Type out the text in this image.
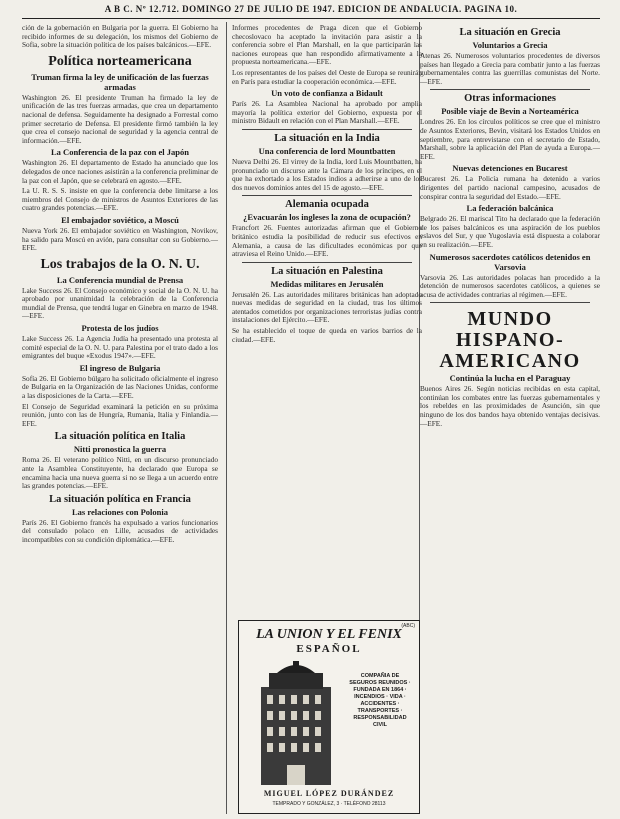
A B C. Nº 12.712. DOMINGO 27 DE JULIO DE 1947. EDICION DE ANDALUCIA. PAGINA 10.

ción de la gobernación en Bulgaria por la guerra. El Gobierno ha recibido informes de su delegación, los mismos del Gobierno de Sofia, sobre la situación política de los países balcánicos.—EFE.

Política norteamericana
Truman firma la ley de unificación de las fuerzas armadas

Washington 26. El presidente Truman ha firmado la ley de unificación de las tres fuerzas armadas, que crea un departamento nacional de defensa. Seguidamente ha designado a Forrestal como primer secretario de Defensa. El presidente firmó también la ley que crea el consejo nacional de seguridad y la agencia central de información.—EFE.

La Conferencia de la paz con el Japón

Washington 26. El departamento de Estado ha anunciado que los delegados de once naciones asistirán a la conferencia preliminar de la paz con el Japón, que se celebrará en agosto.—EFE.

La U. R. S. S. insiste en que la conferencia debe limitarse a los miembros del Consejo de ministros de Asuntos Exteriores de las cuatro grandes potencias.—EFE.

El embajador soviético, a Moscú

Nueva York 26. El embajador soviético en Washington, Novikov, ha salido para Moscú en avión, para consultar con su Gobierno.—EFE.

Los trabajos de la O. N. U.
La Conferencia mundial de Prensa

Lake Success 26. El Consejo económico y social de la O. N. U. ha aprobado por unanimidad la celebración de la Conferencia mundial de Prensa, que tendrá lugar en Ginebra en marzo de 1948.—EFE.

Protesta de los judíos

Lake Success 26. La Agencia Judía ha presentado una protesta al comité especial de la O. N. U. para Palestina por el trato dado a los emigrantes del buque «Exodus 1947».—EFE.

El ingreso de Bulgaria

Sofía 26. El Gobierno búlgaro ha solicitado oficialmente el ingreso de Bulgaria en la Organización de las Naciones Unidas, conforme a las disposiciones de la Carta.—EFE.

El Consejo de Seguridad examinará la petición en su próxima reunión, junto con las de Hungría, Rumanía, Italia y Finlandia.—EFE.

La situación política en Italia
Nitti pronostica la guerra

Roma 26. El veterano político Nitti, en un discurso pronunciado ante la Asamblea Constituyente, ha declarado que Europa se encamina hacia una nueva guerra si no se llega a un acuerdo entre las grandes potencias.—EFE.

La situación política en Francia
Las relaciones con Polonia

París 26. El Gobierno francés ha expulsado a varios funcionarios del consulado polaco en Lille, acusados de actividades incompatibles con su condición diplomática.—EFE.

Informes procedentes de Praga dicen que el Gobierno checoslovaco ha aceptado la invitación para asistir a la conferencia sobre el Plan Marshall, en la que participarán las naciones europeas que han respondido afirmativamente a la propuesta norteamericana.—EFE.

Los representantes de los países del Oeste de Europa se reunirán en París para estudiar la cooperación económica.—EFE.

Un voto de confianza a Bidault

París 26. La Asamblea Nacional ha aprobado por amplia mayoría la política exterior del Gobierno, expuesta por el ministro Bidault en relación con el Plan Marshall.—EFE.

La situación en la India
Una conferencia de lord Mountbatten

Nueva Delhi 26. El virrey de la India, lord Luis Mountbatten, ha pronunciado un discurso ante la Cámara de los príncipes, en el que ha exhortado a los Estados indios a adherirse a uno de los dos nuevos dominios antes del 15 de agosto.—EFE.

Alemania ocupada
¿Evacuarán los ingleses la zona de ocupación?

Francfort 26. Fuentes autorizadas afirman que el Gobierno británico estudia la posibilidad de reducir sus efectivos en Alemania, a causa de las dificultades económicas por que atraviesa el Reino Unido.—EFE.

La situación en Palestina
Medidas militares en Jerusalén

Jerusalén 26. Las autoridades militares británicas han adoptado nuevas medidas de seguridad en la ciudad, tras los últimos atentados cometidos por organizaciones terroristas judías contra instalaciones del Ejército.—EFE.

Se ha establecido el toque de queda en varios barrios de la ciudad.—EFE.

(ABC)
LA UNION Y EL FENIX
ESPAÑOL
COMPAÑIA DE SEGUROS REUNIDOS · FUNDADA EN 1864 · INCENDIOS · VIDA · ACCIDENTES · TRANSPORTES · RESPONSABILIDAD CIVIL
MIGUEL LÓPEZ DURÁNDEZ
TEMPRADO Y GONZÁLEZ, 3 · TELÉFONO 28113
La situación en Grecia
Voluntarios a Grecia

Atenas 26. Numerosos voluntarios procedentes de diversos países han llegado a Grecia para combatir junto a las fuerzas gubernamentales contra las guerrillas comunistas del Norte.—EFE.

Otras informaciones
Posible viaje de Bevin a Norteamérica

Londres 26. En los círculos políticos se cree que el ministro de Asuntos Exteriores, Bevin, visitará los Estados Unidos en septiembre, para entrevistarse con el secretario de Estado, Marshall, sobre la aplicación del Plan de ayuda a Europa.—EFE.

Nuevas detenciones en Bucarest

Bucarest 26. La Policía rumana ha detenido a varios dirigentes del partido nacional campesino, acusados de conspirar contra la seguridad del Estado.—EFE.

La federación balcánica

Belgrado 26. El mariscal Tito ha declarado que la federación de los países balcánicos es una aspiración de los pueblos eslavos del Sur, y que Yugoslavia está dispuesta a colaborar en su realización.—EFE.

Numerosos sacerdotes católicos detenidos en Varsovia

Varsovia 26. Las autoridades polacas han procedido a la detención de numerosos sacerdotes católicos, a quienes se acusa de actividades contrarias al régimen.—EFE.

MUNDO HISPANO-AMERICANO
Continúa la lucha en el Paraguay

Buenos Aires 26. Según noticias recibidas en esta capital, continúan los combates entre las fuerzas gubernamentales y los rebeldes en las proximidades de Asunción, sin que ninguno de los dos bandos haya obtenido ventajas decisivas.—EFE.
